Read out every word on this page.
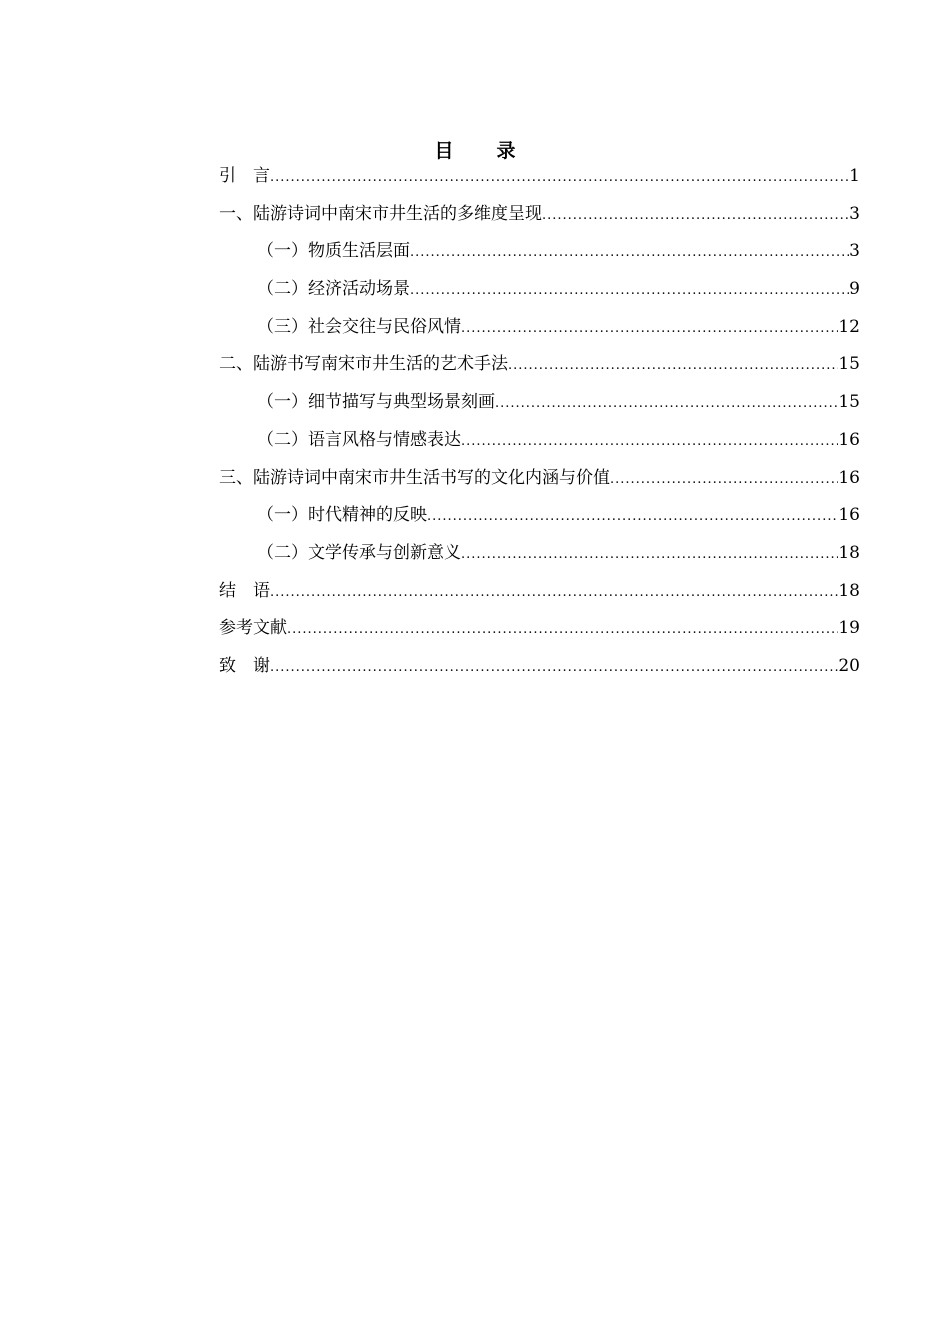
目　录
引　言 .....	1
一、陆游诗词中南宋市井生活的多维度呈现 .....	3
（一）物质生活层面 .....	3
（二）经济活动场景 .....	9
（三）社会交往与民俗风情 .....	12
二、陆游书写南宋市井生活的艺术手法 .....	15
（一）细节描写与典型场景刻画 .....	15
（二）语言风格与情感表达 .....	16
三、陆游诗词中南宋市井生活书写的文化内涵与价值 .....	16
（一）时代精神的反映 .....	16
（二）文学传承与创新意义 .....	18
结　语 .....	18
参考文献 .....	19
致　谢 .....	20
